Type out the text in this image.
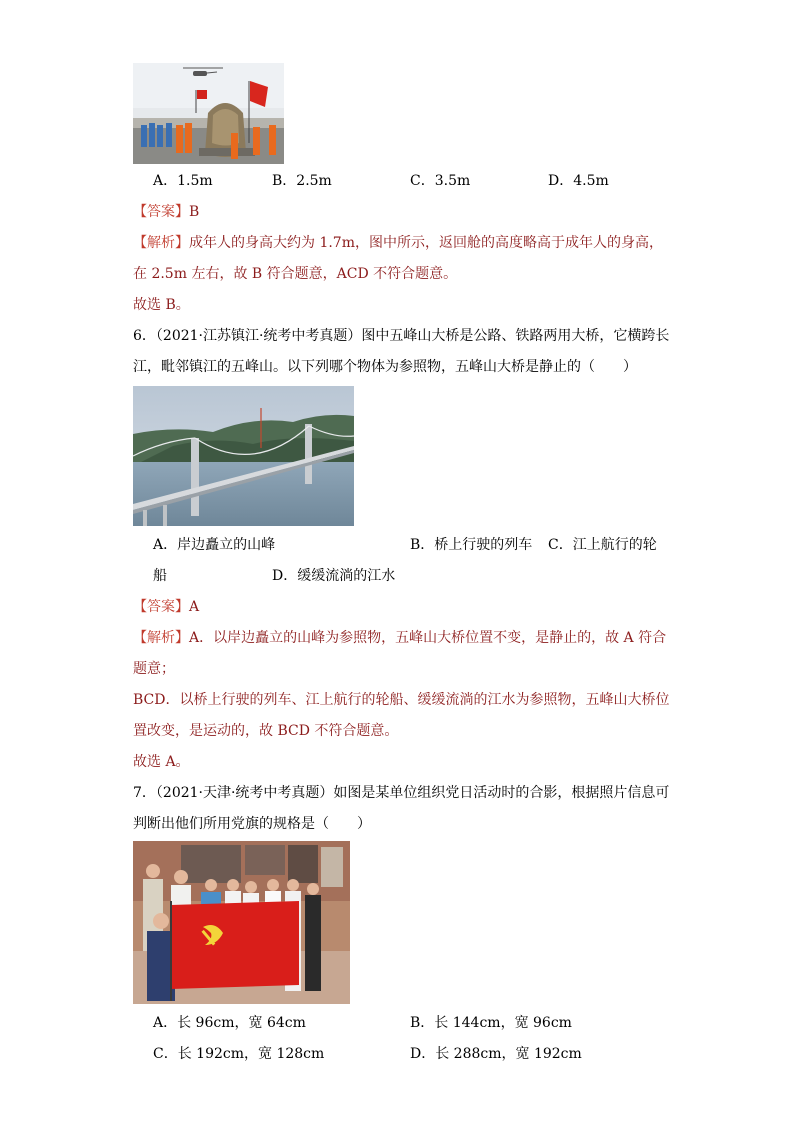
A．1.5m	B．2.5m	C．3.5m	D．4.5m
【答案】B
【解析】成年人的身高大约为 1.7m，图中所示，返回舱的高度略高于成年人的身高，
在 2.5m 左右，故 B 符合题意，ACD 不符合题意。
故选 B。
6．（2021·江苏镇江·统考中考真题）图中五峰山大桥是公路、铁路两用大桥，它横跨长
江，毗邻镇江的五峰山。以下列哪个物体为参照物，五峰山大桥是静止的（　　）
A．岸边矗立的山峰	B．桥上行驶的列车 C．江上航行的轮
船	D．缓缓流淌的江水
【答案】A
【解析】A．以岸边矗立的山峰为参照物，五峰山大桥位置不变，是静止的，故 A 符合
题意；
BCD．以桥上行驶的列车、江上航行的轮船、缓缓流淌的江水为参照物，五峰山大桥位
置改变，是运动的，故 BCD 不符合题意。
故选 A。
7．（2021·天津·统考中考真题）如图是某单位组织党日活动时的合影，根据照片信息可
判断出他们所用党旗的规格是（　　）
A．长 96cm，宽 64cm	B．长 144cm，宽 96cm
C．长 192cm，宽 128cm	D．长 288cm，宽 192cm
